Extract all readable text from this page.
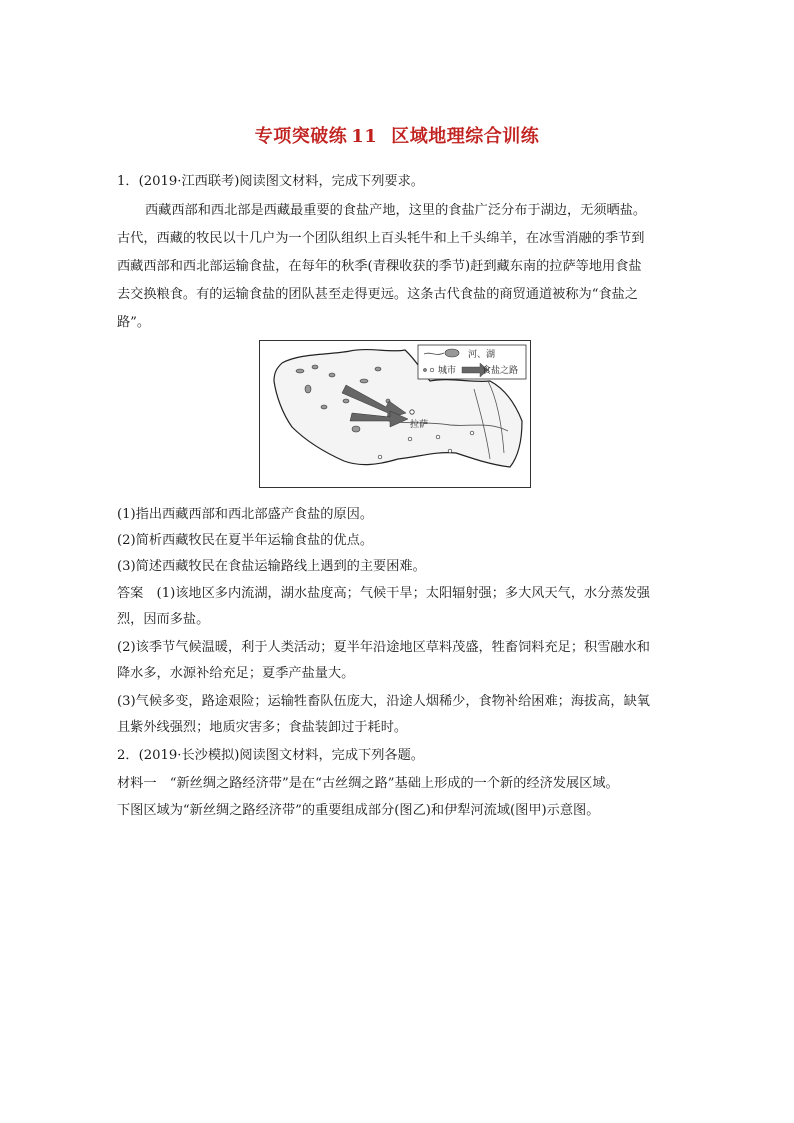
专项突破练 11 区域地理综合训练
1．(2019·江西联考)阅读图文材料，完成下列要求。
西藏西部和西北部是西藏最重要的食盐产地，这里的食盐广泛分布于湖边，无须晒盐。
古代，西藏的牧民以十几户为一个团队组织上百头牦牛和上千头绵羊，在冰雪消融的季节到
西藏西部和西北部运输食盐，在每年的秋季(青稞收获的季节)赶到藏东南的拉萨等地用食盐
去交换粮食。有的运输食盐的团队甚至走得更远。这条古代食盐的商贸通道被称为“食盐之
路”。
拉萨
河、湖
城市	食盐之路
(1)指出西藏西部和西北部盛产食盐的原因。
(2)简析西藏牧民在夏半年运输食盐的优点。
(3)简述西藏牧民在食盐运输路线上遇到的主要困难。
答案　(1)该地区多内流湖，湖水盐度高；气候干旱；太阳辐射强；多大风天气，水分蒸发强
烈，因而多盐。
(2)该季节气候温暖，利于人类活动；夏半年沿途地区草料茂盛，牲畜饲料充足；积雪融水和
降水多，水源补给充足；夏季产盐量大。
(3)气候多变，路途艰险；运输牲畜队伍庞大，沿途人烟稀少，食物补给困难；海拔高，缺氧
且紫外线强烈；地质灾害多；食盐装卸过于耗时。
2．(2019·长沙模拟)阅读图文材料，完成下列各题。
材料一　“新丝绸之路经济带”是在“古丝绸之路”基础上形成的一个新的经济发展区域。
下图区域为“新丝绸之路经济带”的重要组成部分(图乙)和伊犁河流域(图甲)示意图。
